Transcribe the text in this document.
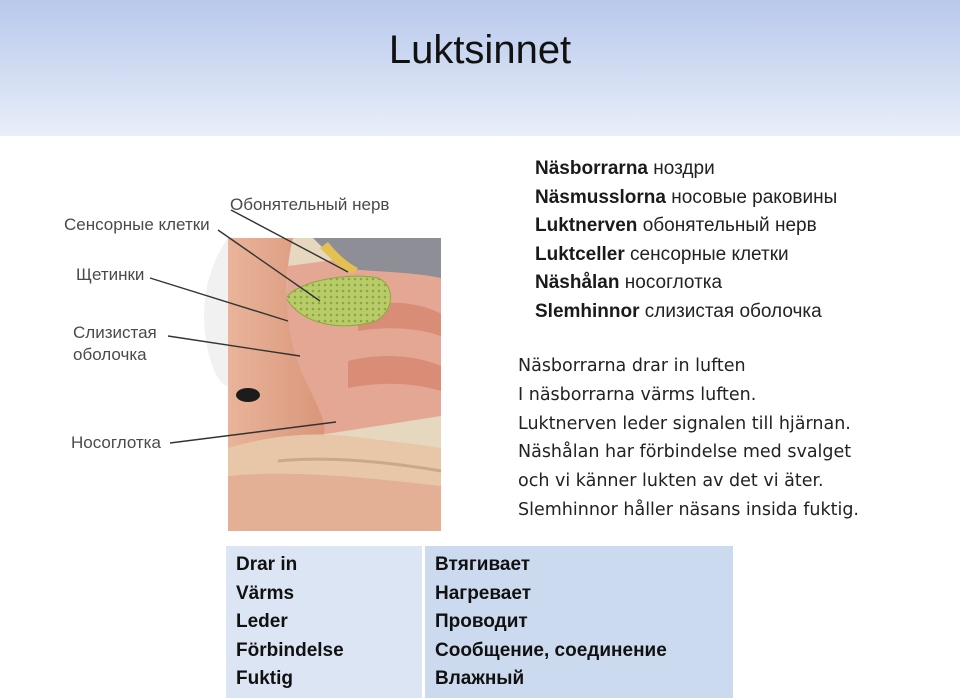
Luktsinnet
Обонятельный нерв
Сенсорные клетки
Щетинки
Слизистая
оболочка
Носоглотка
Näsborrarna ноздри
Näsmusslorna носовые раковины
Luktnerven обонятельный нерв
Luktceller сенсорные клетки
Näshålan носоглотка
Slemhinnor слизистая оболочка
Näsborrarna drar in luften
I näsborrarna värms luften.
Luktnerven leder signalen till hjärnan.
Näshålan har förbindelse med svalget
och vi känner lukten av det vi äter.
Slemhinnor håller näsans insida fuktig.
Drar in
Värms
Leder
Förbindelse
Fuktig
Втягивает
Нагревает
Проводит
Сообщение, соединение
Влажный
